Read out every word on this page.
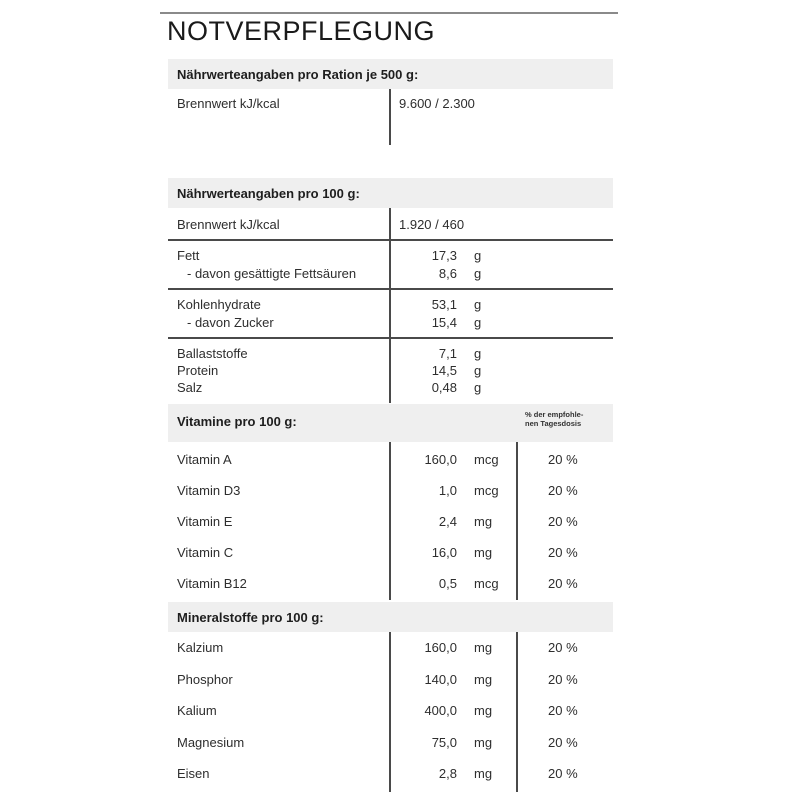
NOTVERPFLEGUNG
Nährwerteangaben pro Ration je 500 g:
Brennwert kJ/kcal	9.600 / 2.300
Nährwerteangaben pro 100 g:
Brennwert kJ/kcal	1.920 / 460
Fett	17,3 g
- davon gesättigte Fettsäuren	8,6 g
Kohlenhydrate	53,1 g
- davon Zucker	15,4 g
Ballaststoffe	7,1 g
Protein	14,5 g
Salz	0,48 g
Vitamine pro 100 g:	% der empfohle-
nen Tagesdosis
Vitamin A	160,0 mcg	20 %
Vitamin D3	1,0 mcg	20 %
Vitamin E	2,4 mg	20 %
Vitamin C	16,0 mg	20 %
Vitamin B12	0,5 mcg	20 %
Mineralstoffe pro 100 g:
Kalzium	160,0 mg	20 %
Phosphor	140,0 mg	20 %
Kalium	400,0 mg	20 %
Magnesium	75,0 mg	20 %
Eisen	2,8 mg	20 %
